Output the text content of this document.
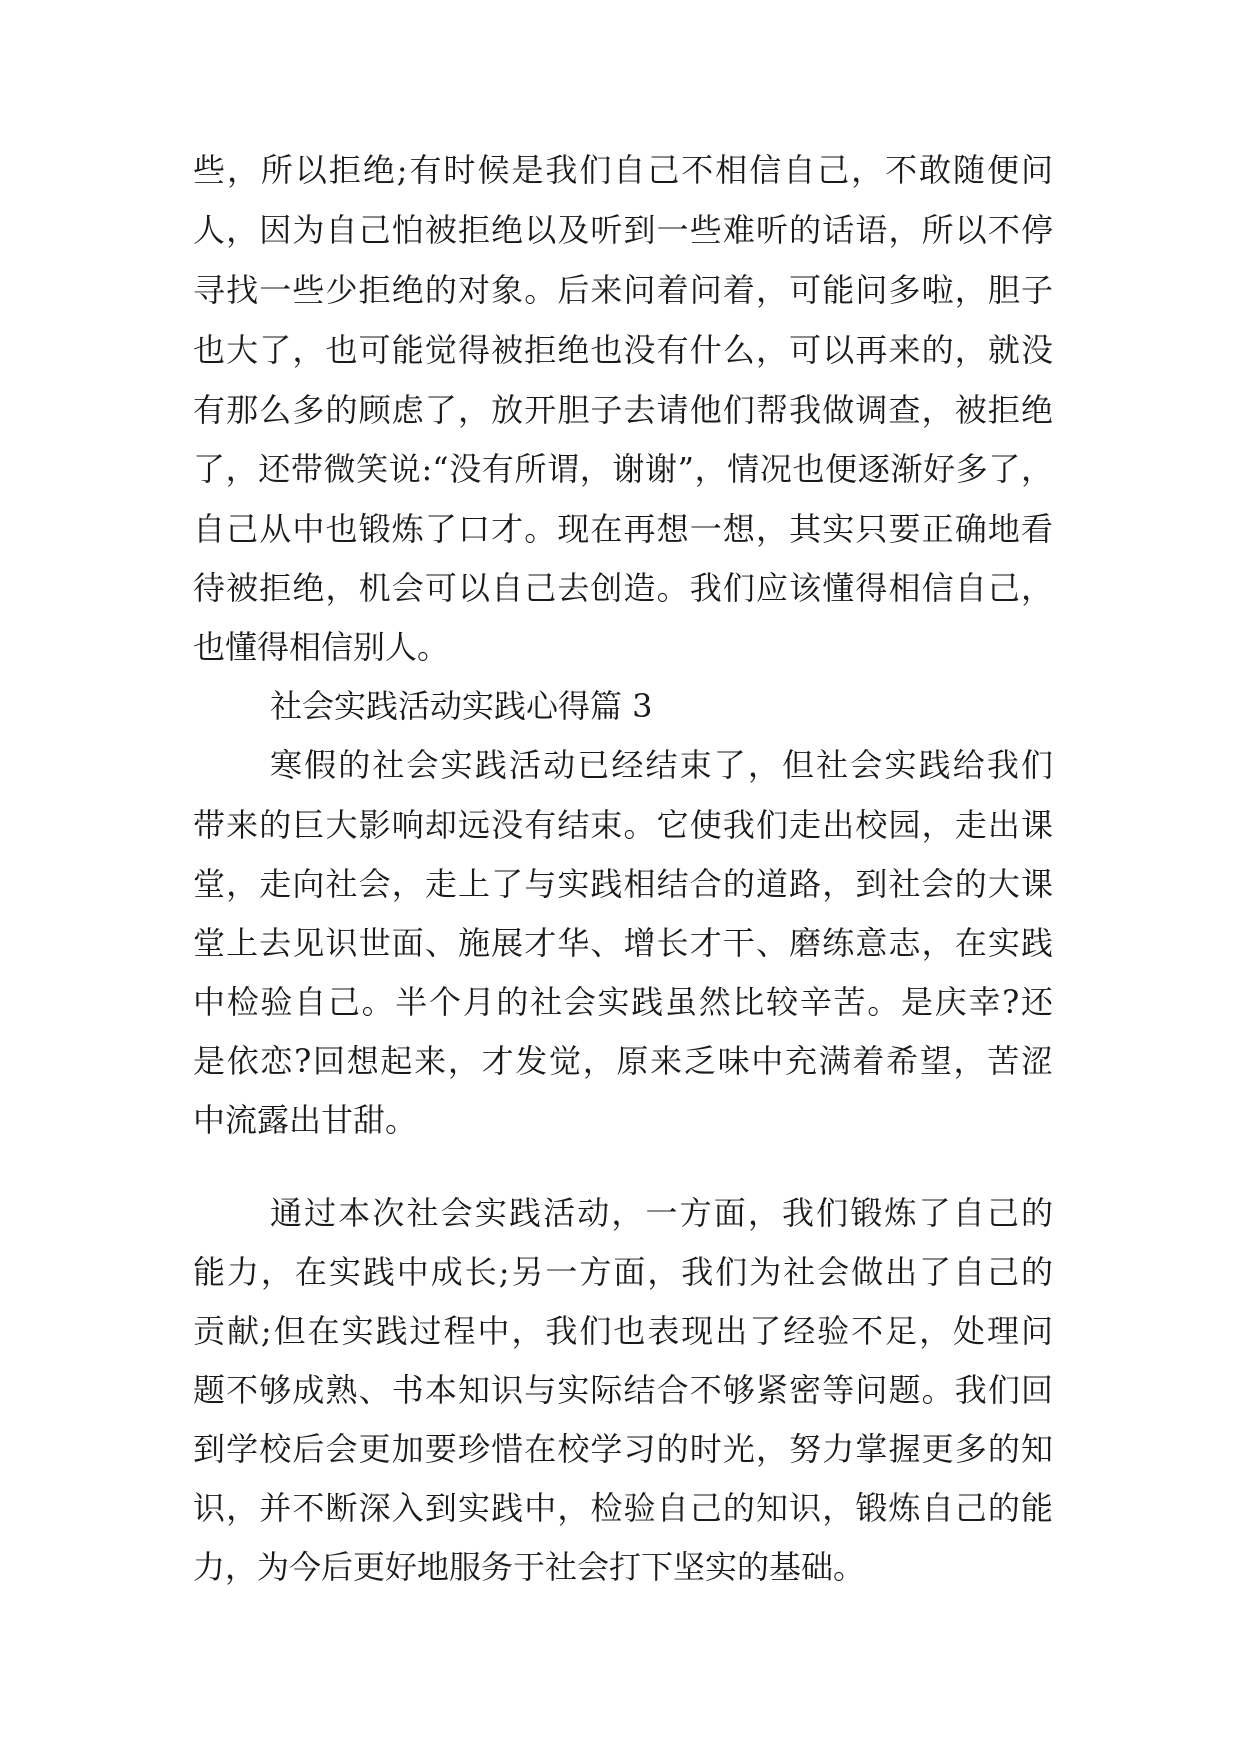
些，所以拒绝;有时候是我们自己不相信自己，不敢随便问
人，因为自己怕被拒绝以及听到一些难听的话语，所以不停
寻找一些少拒绝的对象。后来问着问着，可能问多啦，胆子
也大了，也可能觉得被拒绝也没有什么，可以再来的，就没
有那么多的顾虑了，放开胆子去请他们帮我做调查，被拒绝
了，还带微笑说:“没有所谓，谢谢”，情况也便逐渐好多了，
自己从中也锻炼了口才。现在再想一想，其实只要正确地看
待被拒绝，机会可以自己去创造。我们应该懂得相信自己，
也懂得相信别人。
社会实践活动实践心得篇 3
寒假的社会实践活动已经结束了，但社会实践给我们
带来的巨大影响却远没有结束。它使我们走出校园，走出课
堂，走向社会，走上了与实践相结合的道路，到社会的大课
堂上去见识世面、施展才华、增长才干、磨练意志，在实践
中检验自己。半个月的社会实践虽然比较辛苦。是庆幸?还
是依恋?回想起来，才发觉，原来乏味中充满着希望，苦涩
中流露出甘甜。
通过本次社会实践活动，一方面，我们锻炼了自己的
能力，在实践中成长;另一方面，我们为社会做出了自己的
贡献;但在实践过程中，我们也表现出了经验不足，处理问
题不够成熟、书本知识与实际结合不够紧密等问题。我们回
到学校后会更加要珍惜在校学习的时光，努力掌握更多的知
识，并不断深入到实践中，检验自己的知识，锻炼自己的能
力，为今后更好地服务于社会打下坚实的基础。
